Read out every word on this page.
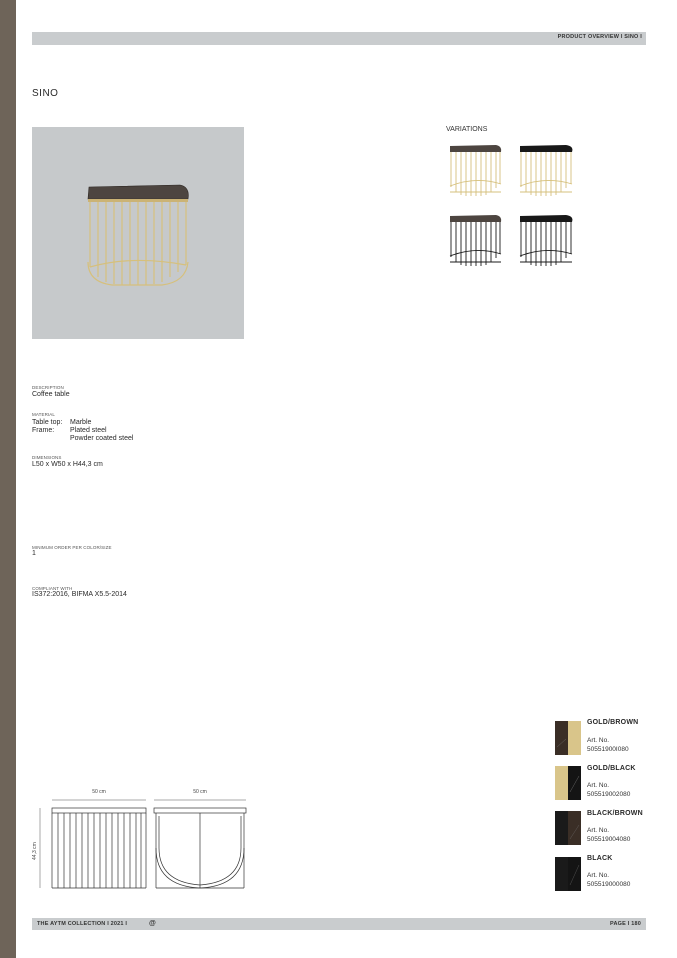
PRODUCT OVERVIEW I SINO I
SINO
VARIATIONS
DESCRIPTION
Coffee table
MATERIAL
Table top: Marble
Frame: Plated steel
Powder coated steel
DIMENSIONS
L50 x W50 x H44,3 cm
MINIMUM ORDER PER COLOR/SIZE
1
COMPLIANT WITH
IS372:2016, BIFMA X5.5-2014
50 cm	50 cm
44,3 cm
GOLD/BROWN
Art. No.
50551900I080
GOLD/BLACK
Art. No.
505519002080
BLACK/BROWN
Art. No.
505519004080
BLACK
Art. No.
505519000080
THE AYTM COLLECTION I 2021 I	@	PAGE I 180
